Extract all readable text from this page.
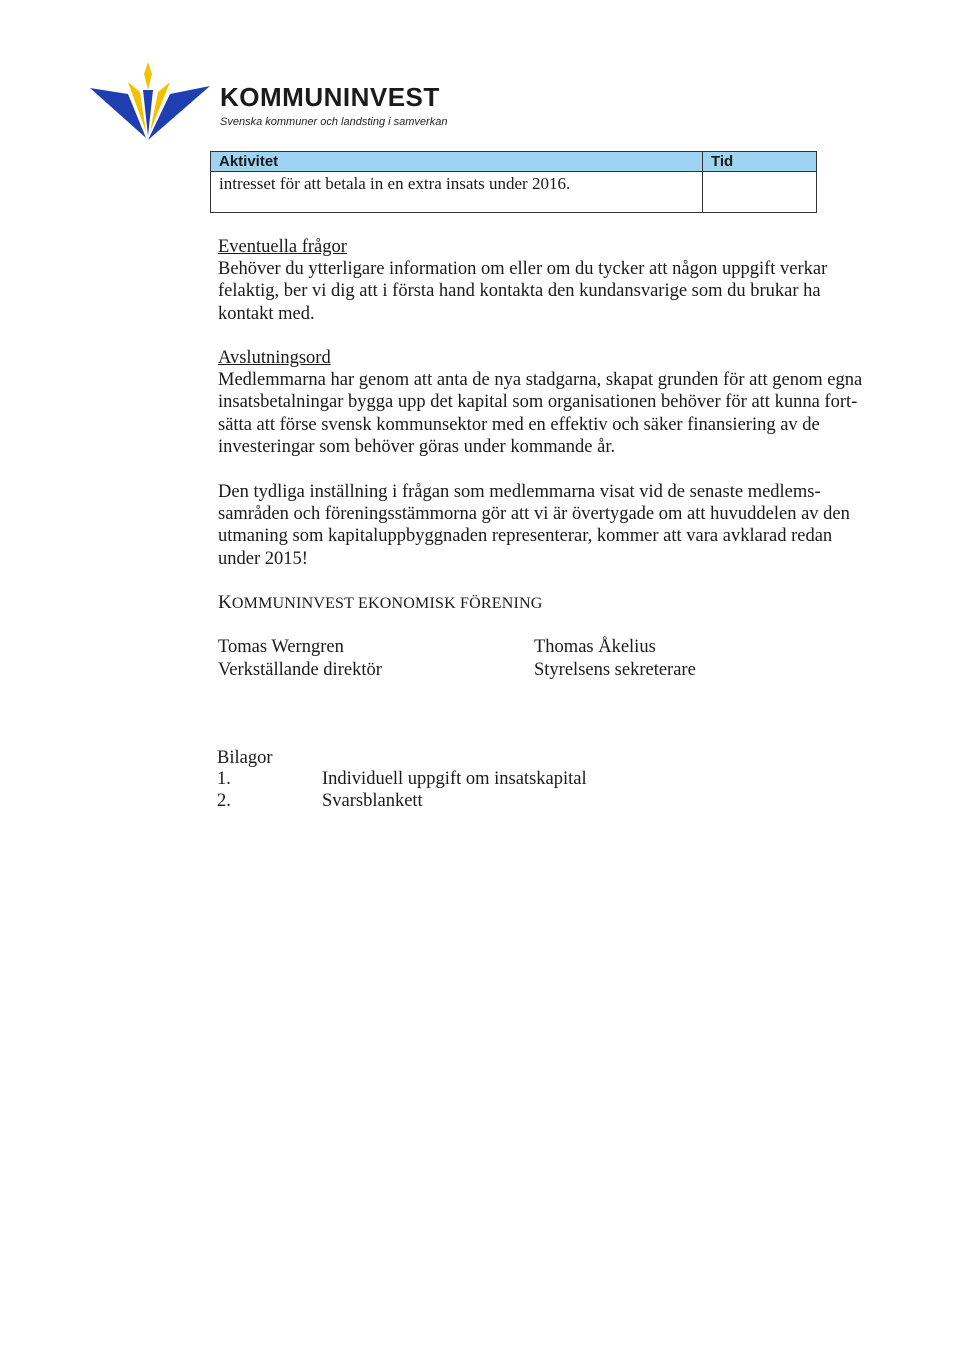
KOMMUNINVEST
Svenska kommuner och landsting i samverkan
Aktivitet	Tid
intresset för att betala in en extra insats under 2016.
Eventuella frågor
Behöver du ytterligare information om eller om du tycker att någon uppgift verkar
felaktig, ber vi dig att i första hand kontakta den kundansvarige som du brukar ha
kontakt med.
Avslutningsord
Medlemmarna har genom att anta de nya stadgarna, skapat grunden för att genom egna
insatsbetalningar bygga upp det kapital som organisationen behöver för att kunna fort-
sätta att förse svensk kommunsektor med en effektiv och säker finansiering av de
investeringar som behöver göras under kommande år.
Den tydliga inställning i frågan som medlemmarna visat vid de senaste medlems-
samråden och föreningsstämmorna gör att vi är övertygade om att huvuddelen av den
utmaning som kapitaluppbyggnaden representerar, kommer att vara avklarad redan
under 2015!
KOMMUNINVEST EKONOMISK FÖRENING
Tomas Werngren
Verkställande direktör
Thomas Åkelius
Styrelsens sekreterare
Bilagor
1.	Individuell uppgift om insatskapital
2.	Svarsblankett
